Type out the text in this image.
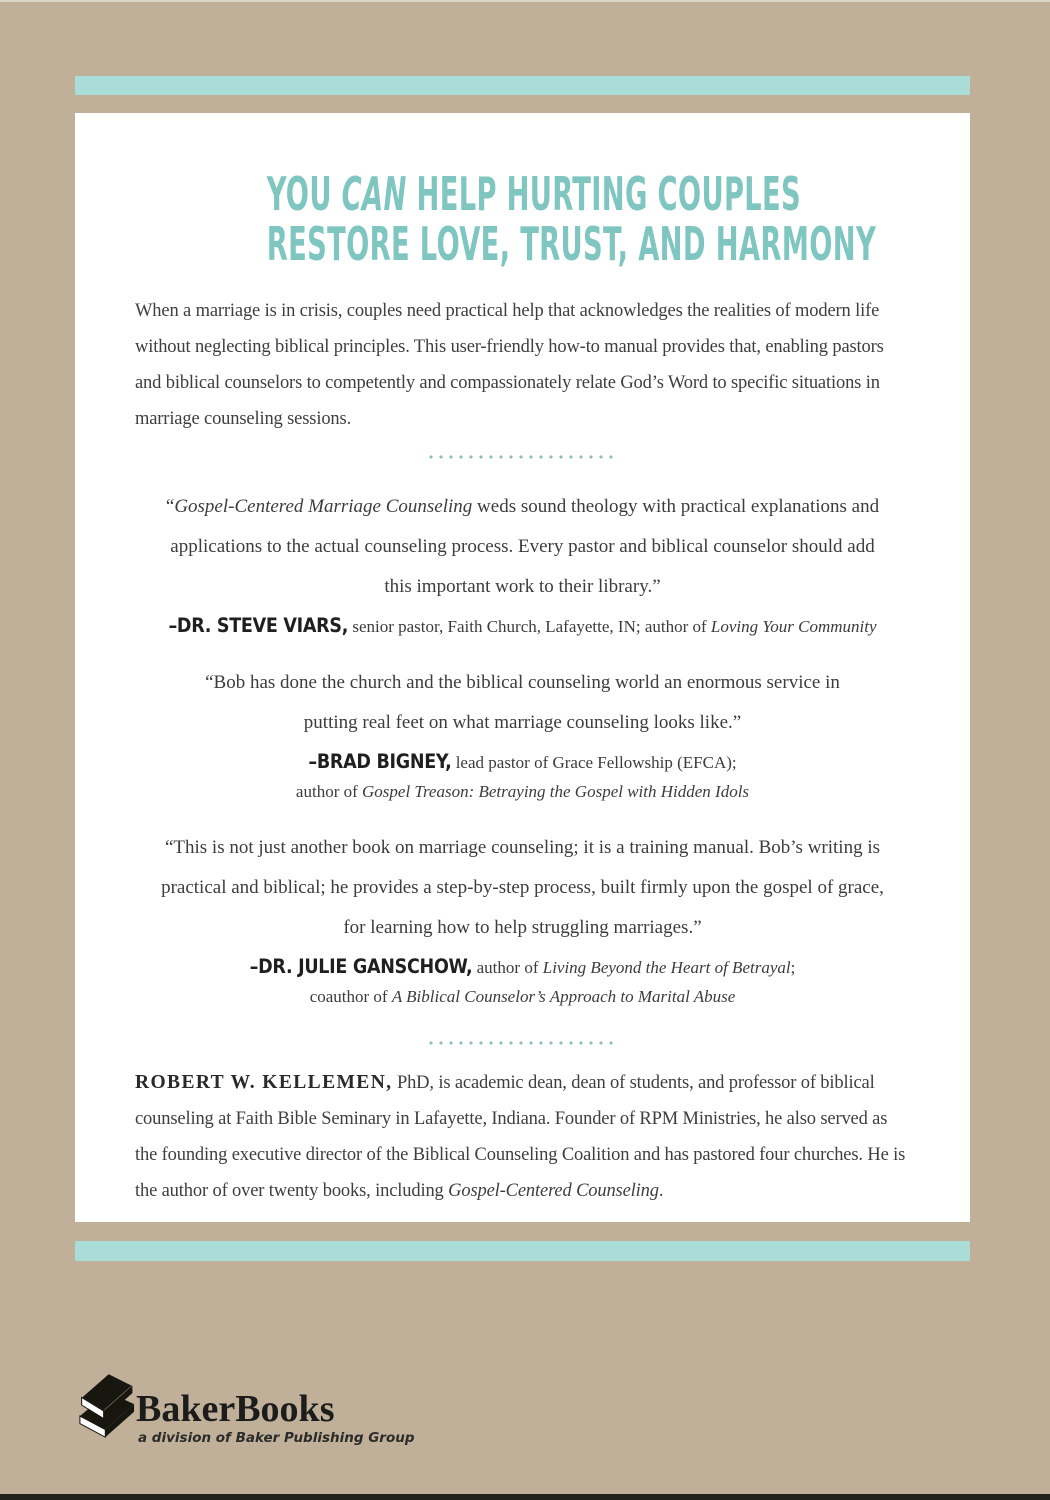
YOU CAN HELP HURTING COUPLES
RESTORE LOVE, TRUST, AND HARMONY

When a marriage is in crisis, couples need practical help that acknowledges the realities of modern life without neglecting biblical principles. This user-friendly how-to manual provides that, enabling pastors and biblical counselors to competently and compassionately relate God’s Word to specific situations in marriage counseling sessions.

“Gospel-Centered Marriage Counseling weds sound theology with practical explanations and applications to the actual counseling process. Every pastor and biblical counselor should add this important work to their library.”

–DR. STEVE VIARS, senior pastor, Faith Church, Lafayette, IN; author of Loving Your Community

“Bob has done the church and the biblical counseling world an enormous service in putting real feet on what marriage counseling looks like.”

–BRAD BIGNEY, lead pastor of Grace Fellowship (EFCA);
author of Gospel Treason: Betraying the Gospel with Hidden Idols

“This is not just another book on marriage counseling; it is a training manual. Bob’s writing is practical and biblical; he provides a step-by-step process, built firmly upon the gospel of grace, for learning how to help struggling marriages.”

–DR. JULIE GANSCHOW, author of Living Beyond the Heart of Betrayal;
coauthor of A Biblical Counselor’s Approach to Marital Abuse

ROBERT W. KELLEMEN, PhD, is academic dean, dean of students, and professor of biblical counseling at Faith Bible Seminary in Lafayette, Indiana. Founder of RPM Ministries, he also served as the founding executive director of the Biblical Counseling Coalition and has pastored four churches. He is the author of over twenty books, including Gospel-Centered Counseling.

BakerBooks
a division of Baker Publishing Group
